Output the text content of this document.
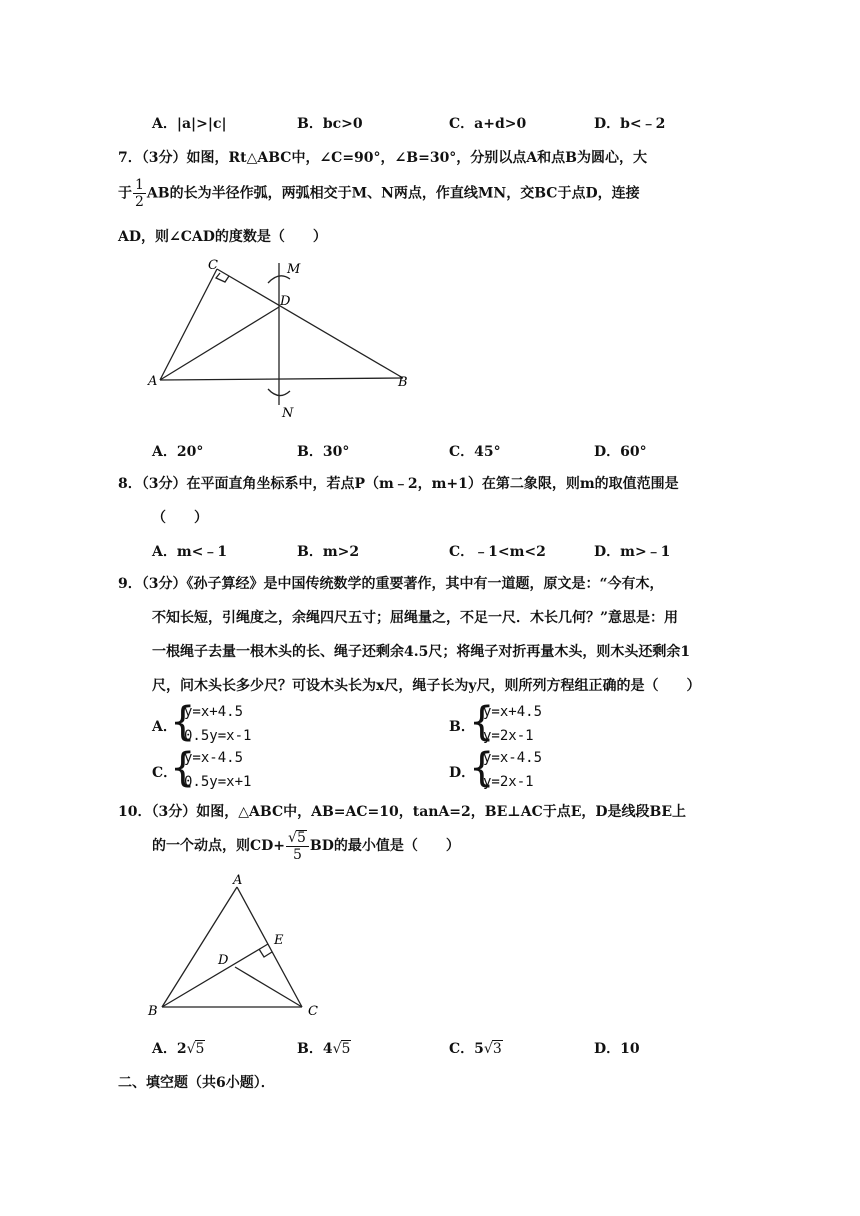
A．|a|>|c|	B．bc>0	C．a+d>0	D．b<﹣2
7．（3分）如图，Rt△ABC中，∠C=90°，∠B=30°，分别以点A和点B为圆心，大
于 $\frac{1}{2}$ AB的长为半径作弧，两弧相交于M、N两点，作直线MN，交BC于点D，连接
AD，则∠CAD的度数是（　　）
C	M
D
A	B
N
A．20°	B．30°	C．45°	D．60°
8．（3分）在平面直角坐标系中，若点P（m﹣2，m+1）在第二象限，则m的取值范围是
（　　）
A．m<﹣1	B．m>2	C．﹣1<m<2	D．m>﹣1
9．（3分）《孙子算经》是中国传统数学的重要著作，其中有一道题，原文是：“今有木，
不知长短，引绳度之，余绳四尺五寸；屈绳量之，不足一尺．木长几何？”意思是：用
一根绳子去量一根木头的长、绳子还剩余4.5尺；将绳子对折再量木头，则木头还剩余1
尺，问木头长多少尺？可设木头长为x尺，绳子长为y尺，则所列方程组正确的是（　　）
A．
{
y=x+4.5
0.5y=x-1
B．
{
y=x+4.5
y=2x-1
C．
{
y=x-4.5
0.5y=x+1
D．
{
y=x-4.5
y=2x-1
10．（3分）如图，△ABC中，AB=AC=10，tanA=2，BE⊥AC于点E，D是线段BE上
的一个动点，则$CD+ \frac{√5}{5}$ BD的最小值是（　　）
A
E
D
B	C
A．2√5	B．4√5	C．5√3	D．10
二、填空题（共6小题）．
